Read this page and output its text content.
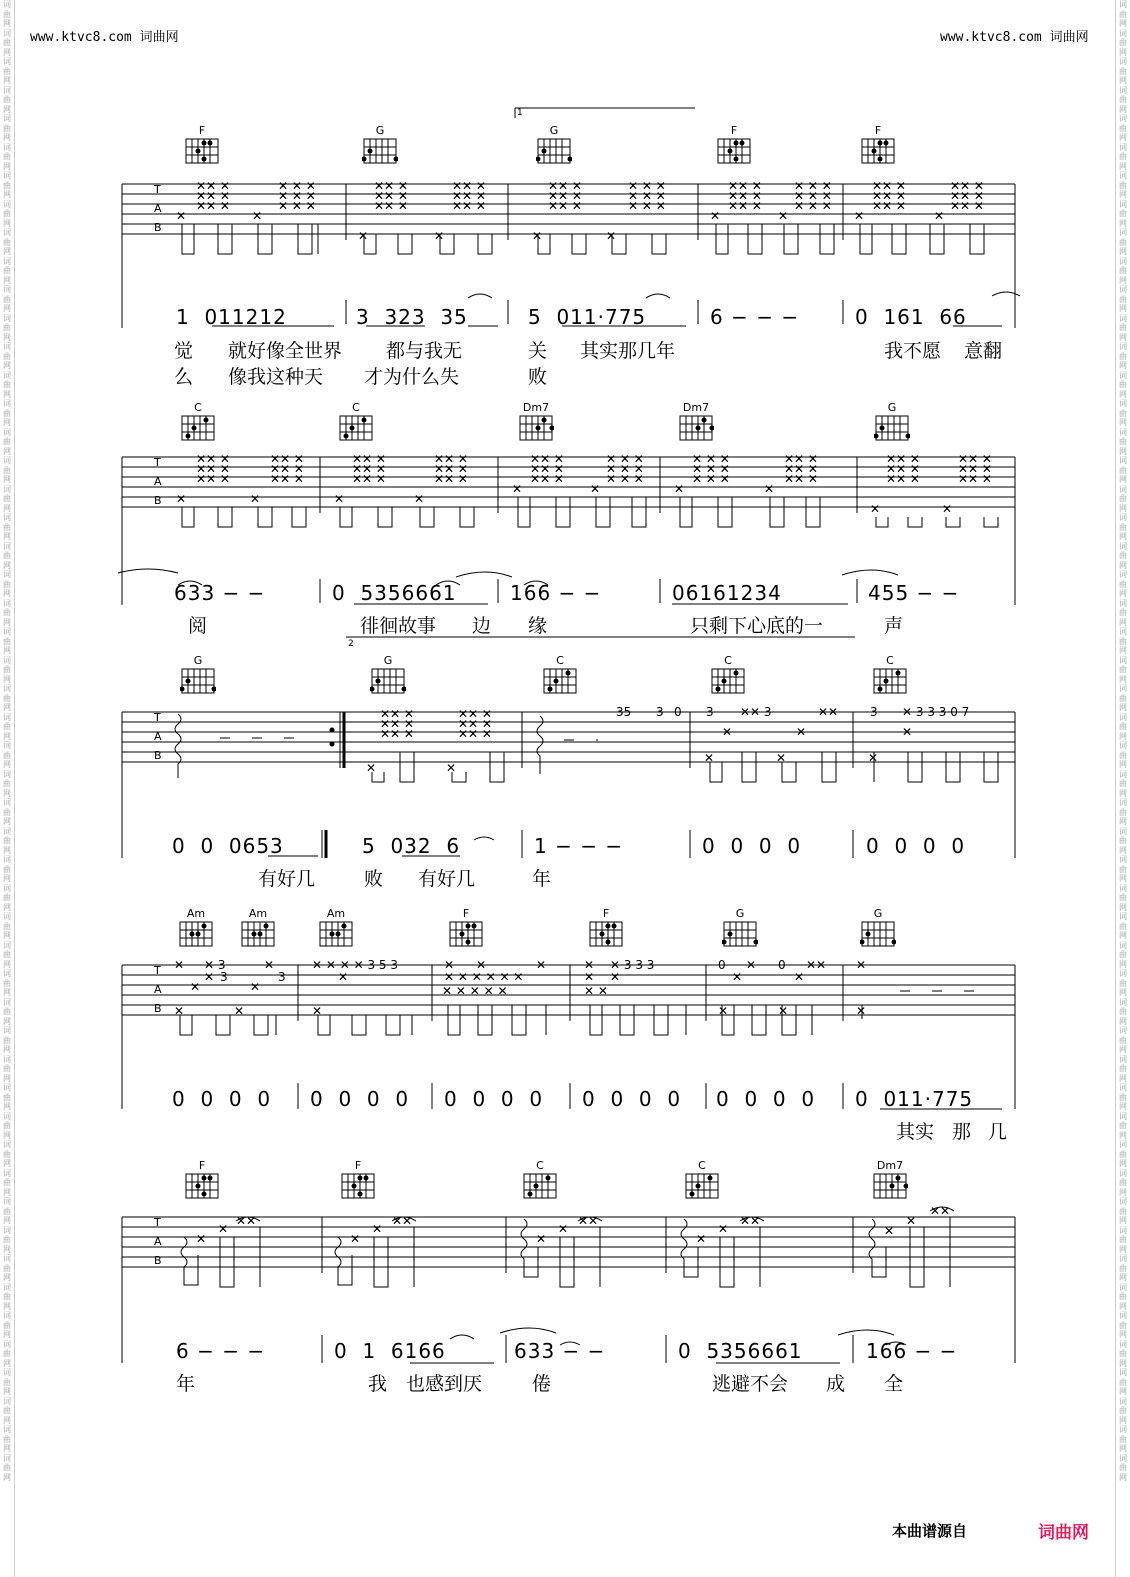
www.ktvc8.com 词曲网	www.ktvc8.com 词曲网
词
曲
网
词
曲
网
词
曲
网
词
曲
网
词
曲
网
词
曲
网
词
曲
网
词
曲
网
词
曲
网
词
曲
网
词
曲
网
词
曲
网
词
曲
网
词
曲
网
词
曲
网
词
曲
网
词
曲
网
词
曲
网
词
曲
网
词
曲
网
词
曲
网
词
曲
网
词
曲
网
词
曲
网
词
曲
网
词
曲
网
词
曲
网
词
曲
网
词
曲
网
词
曲
网
词
曲
网
词
曲
网
词
曲
网
词
曲
网
词
曲
网
词
曲
网
词
曲
网
词
曲
网
词
曲
网
词
曲
网
词
曲
网
词
曲
网
词
曲
网
词
曲
网
词
曲
网
词
曲
网
词
曲
网
词
曲
网
词
曲
网
词
曲
网
词
曲
网
词
曲
网
词
曲
网
词
曲
网
词
曲
网
词
曲
网
词
曲
网
词
曲
网
词
曲
网
词
曲
网
词
曲
网
词
曲
网
词
曲
网
词
曲
网
词
曲
网
词
曲
网
词
曲
网
词
曲
网
词
曲
网
词
曲
网
词
曲
网
词
曲
网
词
曲
网
词
曲
网
词
曲
网
词
曲
网
词
曲
网
词
曲
网
词
曲
网
词
曲
网
词
曲
网
词
曲
网
词
曲
网
词
曲
网
词
曲
网
词
曲
网
词
曲
网
词
曲
网
词
曲
网
词
曲
网
词
曲
网
词
曲
网
词
曲
网
词
曲
网
词
曲
网
词
曲
网
词
曲
网
词
曲
网
词
曲
网
词
曲
网
词
曲
网
词
曲
网
词
曲
网
词
曲
网
T
A
B
✕✕ ✕
✕✕ ✕
✕✕ ✕
✕	✕
✕ ✕ ✕
✕ ✕ ✕
✕ ✕ ✕
✕✕ ✕
✕✕ ✕
✕✕ ✕
✕	✕
✕✕ ✕
✕✕ ✕
✕✕ ✕
✕✕ ✕
✕✕ ✕
✕✕ ✕
✕	✕
✕ ✕ ✕
✕ ✕ ✕
✕ ✕ ✕
✕✕ ✕
✕✕ ✕
✕✕ ✕
✕	✕
✕ ✕ ✕
✕ ✕ ✕
✕ ✕ ✕
✕✕ ✕
✕✕ ✕
✕✕ ✕
✕	✕
✕✕ ✕
✕✕ ✕
✕✕ ✕
1
F	G	G	F	F
1  011212	3  323  35	5  011·775	6 − − −	0  161  66
觉 就好像全世界 都与我无	关 其实那几年	我不愿 意翻
么 像我这种天 才为什么失	败
T
A
B
✕✕ ✕
✕✕ ✕
✕✕ ✕
✕	✕
✕✕ ✕
✕✕ ✕
✕✕ ✕
✕✕ ✕
✕✕ ✕
✕✕ ✕
✕	✕
✕✕ ✕
✕✕ ✕
✕✕ ✕
✕✕ ✕
✕✕ ✕
✕✕ ✕
✕	✕
✕ ✕ ✕
✕ ✕ ✕
✕ ✕ ✕
✕ ✕ ✕
✕ ✕ ✕
✕ ✕ ✕
✕	✕
✕✕ ✕
✕✕ ✕
✕✕ ✕
✕✕ ✕
✕✕ ✕
✕✕ ✕
✕	✕
✕✕ ✕
✕✕ ✕
✕✕ ✕
C	C	Dm7	Dm7	G
633 − −	0  5356661	166 − −	06161234	455 − −
阅	徘徊故事 边 缘	只剩下心底的一	声
2
T
A
B
✕✕ ✕
✕✕ ✕
✕✕ ✕
✕	✕
✕✕ ✕
✕✕ ✕
✕✕ ✕
35 3 0 3 ✕✕ 3	✕✕
✕	✕
✕	✕
3 ✕ 3 3 3 0 7
✕
✕
G	G	C	C	C
0  0  0653	5  032  6	1 − − −	0  0  0  0	0  0  0  0
有好几	败 有好几	年
T
A
B
✕ ✕ 3	✕
✕ 3	3
✕	✕
✕	✕
✕ ✕ ✕ ✕ 3 5 3
✕
✕
✕ ✕	✕
✕ ✕ ✕ ✕ ✕ ✕
✕ ✕ ✕ ✕ ✕
✕ ✕ 3 3 3
✕ ✕
✕ ✕
0 ✕ 0 ✕✕
✕	✕
✕	✕
✕
✕
Am	Am	Am	F	F	G	G
0  0  0  0 0  0  0  0 0  0  0  0 0  0  0  0 0  0  0  0 0  011·775
其实 那 几
T
A
B
✕
✕
✕✕
✕
✕
✕✕
✕
✕
✕✕
✕
✕
✕✕
✕
✕
✕✕
F	F	C	C	Dm7
6 − − −	0  1  6166	633 − −	0  5356661	166 − −
年	我 也感到厌	倦	逃避不会 成 全
本曲谱源自	词曲网
